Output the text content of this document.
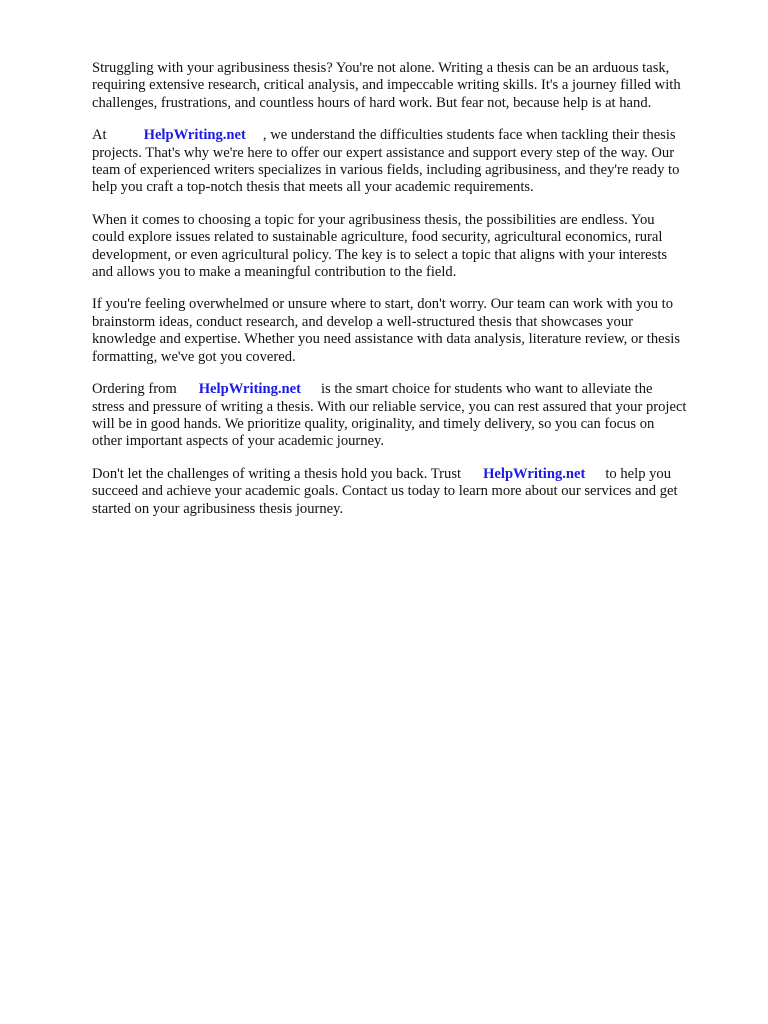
Struggling with your agribusiness thesis? You're not alone. Writing a thesis can be an arduous task,
requiring extensive research, critical analysis, and impeccable writing skills. It's a journey filled with
challenges, frustrations, and countless hours of hard work. But fear not, because help is at hand.
At	HelpWriting.net , we understand the difficulties students face when tackling their thesis
projects. That's why we're here to offer our expert assistance and support every step of the way. Our
team of experienced writers specializes in various fields, including agribusiness, and they're ready to
help you craft a top-notch thesis that meets all your academic requirements.
When it comes to choosing a topic for your agribusiness thesis, the possibilities are endless. You
could explore issues related to sustainable agriculture, food security, agricultural economics, rural
development, or even agricultural policy. The key is to select a topic that aligns with your interests
and allows you to make a meaningful contribution to the field.
If you're feeling overwhelmed or unsure where to start, don't worry. Our team can work with you to
brainstorm ideas, conduct research, and develop a well-structured thesis that showcases your
knowledge and expertise. Whether you need assistance with data analysis, literature review, or thesis
formatting, we've got you covered.
Ordering from HelpWriting.net is the smart choice for students who want to alleviate the
stress and pressure of writing a thesis. With our reliable service, you can rest assured that your project
will be in good hands. We prioritize quality, originality, and timely delivery, so you can focus on
other important aspects of your academic journey.
Don't let the challenges of writing a thesis hold you back. Trust HelpWriting.net to help you
succeed and achieve your academic goals. Contact us today to learn more about our services and get
started on your agribusiness thesis journey.
